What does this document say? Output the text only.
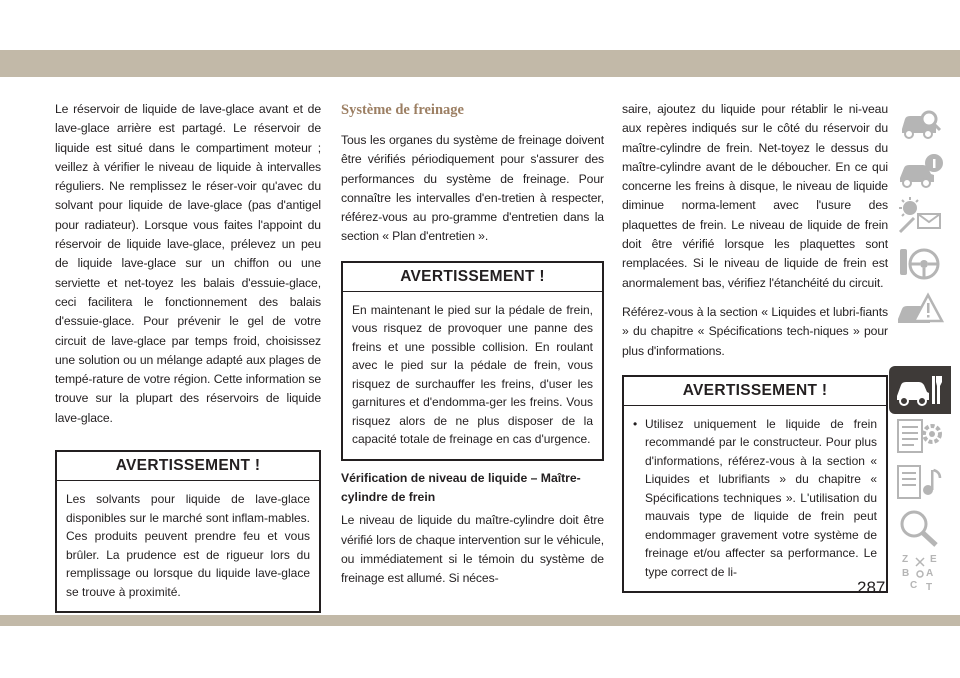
Le réservoir de liquide de lave-glace avant et de lave-glace arrière est partagé. Le réservoir de liquide est situé dans le compartiment moteur ; veillez à vérifier le niveau de liquide à intervalles réguliers. Ne remplissez le réser-voir qu'avec du solvant pour liquide de lave-glace (pas d'antigel pour radiateur). Lorsque vous faites l'appoint du réservoir de liquide lave-glace, prélevez un peu de liquide lave-glace sur un chiffon ou une serviette et net-toyez les balais d'essuie-glace, ceci facilitera le fonctionnement des balais d'essuie-glace. Pour prévenir le gel de votre circuit de lave-glace par temps froid, choisissez une solution ou un mélange adapté aux plages de tempé-rature de votre région. Cette information se trouve sur la plupart des réservoirs de liquide lave-glace.

AVERTISSEMENT !
Les solvants pour liquide de lave-glace disponibles sur le marché sont inflam-mables. Ces produits peuvent prendre feu et vous brûler. La prudence est de rigueur lors du remplissage ou lorsque du liquide lave-glace se trouve à proximité.
Système de freinage

Tous les organes du système de freinage doivent être vérifiés périodiquement pour s'assurer des performances du système de freinage. Pour connaître les intervalles d'en-tretien à respecter, référez-vous au pro-gramme d'entretien dans la section « Plan d'entretien ».

AVERTISSEMENT !
En maintenant le pied sur la pédale de frein, vous risquez de provoquer une panne des freins et une possible collision. En roulant avec le pied sur la pédale de frein, vous risquez de surchauffer les freins, d'user les garnitures et d'endomma-ger les freins. Vous risquez alors de ne plus disposer de la capacité totale de freinage en cas d'urgence.
Vérification de niveau de liquide – Maître-cylindre de frein

Le niveau de liquide du maître-cylindre doit être vérifié lors de chaque intervention sur le véhicule, ou immédiatement si le témoin du système de freinage est allumé. Si néces-

saire, ajoutez du liquide pour rétablir le ni-veau aux repères indiqués sur le côté du réservoir du maître-cylindre de frein. Net-toyez le dessus du maître-cylindre avant de le déboucher. En ce qui concerne les freins à disque, le niveau de liquide diminue norma-lement avec l'usure des plaquettes de frein. Le niveau de liquide de frein doit être vérifié lorsque les plaquettes sont remplacées. Si le niveau de liquide de frein est anormalement bas, vérifiez l'étanchéité du circuit.

Référez-vous à la section « Liquides et lubri-fiants » du chapitre « Spécifications tech-niques » pour plus d'informations.

AVERTISSEMENT !
• Utilisez uniquement le liquide de frein recommandé par le constructeur. Pour plus d'informations, référez-vous à la section « Liquides et lubrifiants » du chapitre « Spécifications techniques ». L'utilisation du mauvais type de liquide de frein peut endommager gravement votre système de freinage et/ou affecter sa performance. Le type correct de li-
Z E
B A
C T
287
